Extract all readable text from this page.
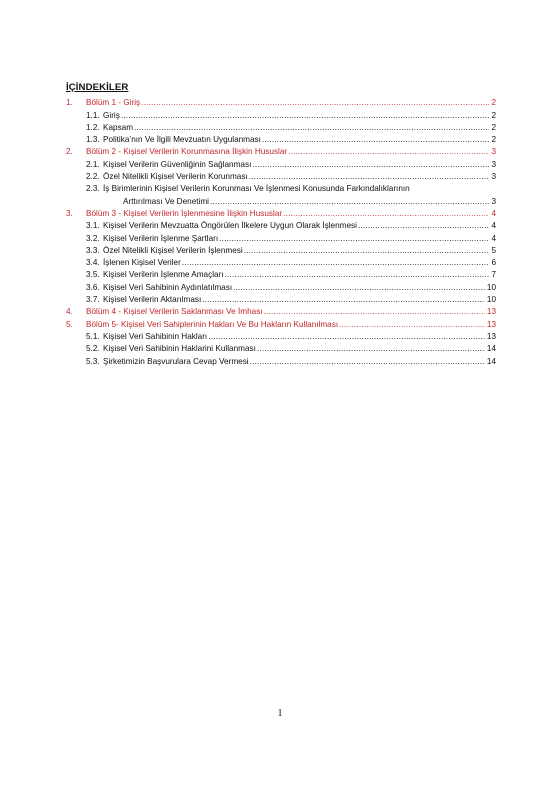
İÇİNDEKİLER
1.	Bölüm 1 - Giriş .....	2
1.1. Giriş .....	2
1.2. Kapsam .....	2
1.3. Politika’nın Ve İlgili Mevzuatın Uygulanması .....	2
2.	Bölüm 2 - Kişisel Verilerin Korunmasına İlişkin Hususlar .....	3
2.1. Kişisel Verilerin Güvenliğinin Sağlanması .....	3
2.2. Özel Nitelikli Kişisel Verilerin Korunması .....	3
2.3. İş Birimlerinin Kişisel Verilerin Korunması Ve İşlenmesi Konusunda Farkındalıklarının
Arttırılması Ve Denetimi .....	3
3.	Bölüm 3 - Kişisel Verilerin İşlenmesine İlişkin Hususlar .....	4
3.1. Kişisel Verilerin Mevzuatta Öngörülen İlkelere Uygun Olarak İşlenmesi .....	4
3.2. Kişisel Verilerin İşlenme Şartları .....	4
3.3. Özel Nitelikli Kişisel Verilerin İşlenmesi .....	5
3.4. İşlenen Kişisel Veriler .....	6
3.5. Kişisel Verilerin İşlenme Amaçları .....	7
3.6. Kişisel Veri Sahibinin Aydınlatılması .....	10
3.7. Kişisel Verilerin Aktarılması .....	10
4.	Bölüm 4 - Kişisel Verilerin Saklanması Ve İmhası .....	13
5.	Bölüm 5- Kişisel Veri Sahiplerinin Hakları Ve Bu Hakların Kullanılması .....	13
5.1. Kişisel Veri Sahibinin Hakları .....	13
5.2. Kişisel Veri Sahibinin Haklarini Kullanması .....	14
5.3. Şirketimizin Başvurulara Cevap Vermesi .....	14
1
